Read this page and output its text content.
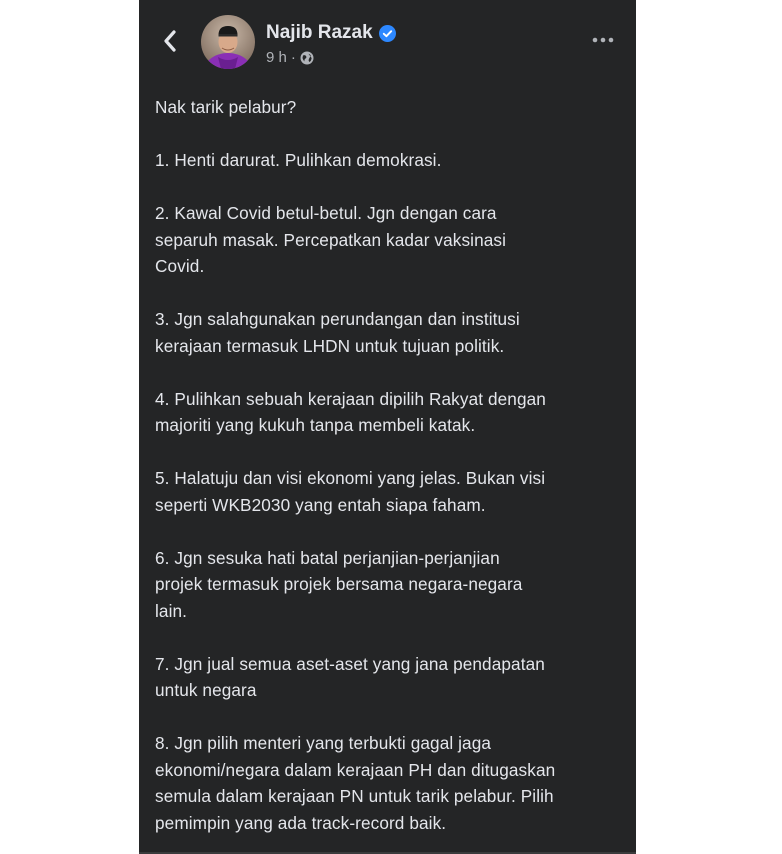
Najib Razak
9 h ·

Nak tarik pelabur?

1. Henti darurat. Pulihkan demokrasi.

2. Kawal Covid betul-betul. Jgn dengan cara
separuh masak. Percepatkan kadar vaksinasi
Covid.

3. Jgn salahgunakan perundangan dan institusi
kerajaan termasuk LHDN untuk tujuan politik.

4. Pulihkan sebuah kerajaan dipilih Rakyat dengan
majoriti yang kukuh tanpa membeli katak.

5. Halatuju dan visi ekonomi yang jelas. Bukan visi
seperti WKB2030 yang entah siapa faham.

6. Jgn sesuka hati batal perjanjian-perjanjian
projek termasuk projek bersama negara-negara
lain.

7. Jgn jual semua aset-aset yang jana pendapatan
untuk negara

8. Jgn pilih menteri yang terbukti gagal jaga
ekonomi/negara dalam kerajaan PH dan ditugaskan
semula dalam kerajaan PN untuk tarik pelabur. Pilih
pemimpin yang ada track-record baik.
